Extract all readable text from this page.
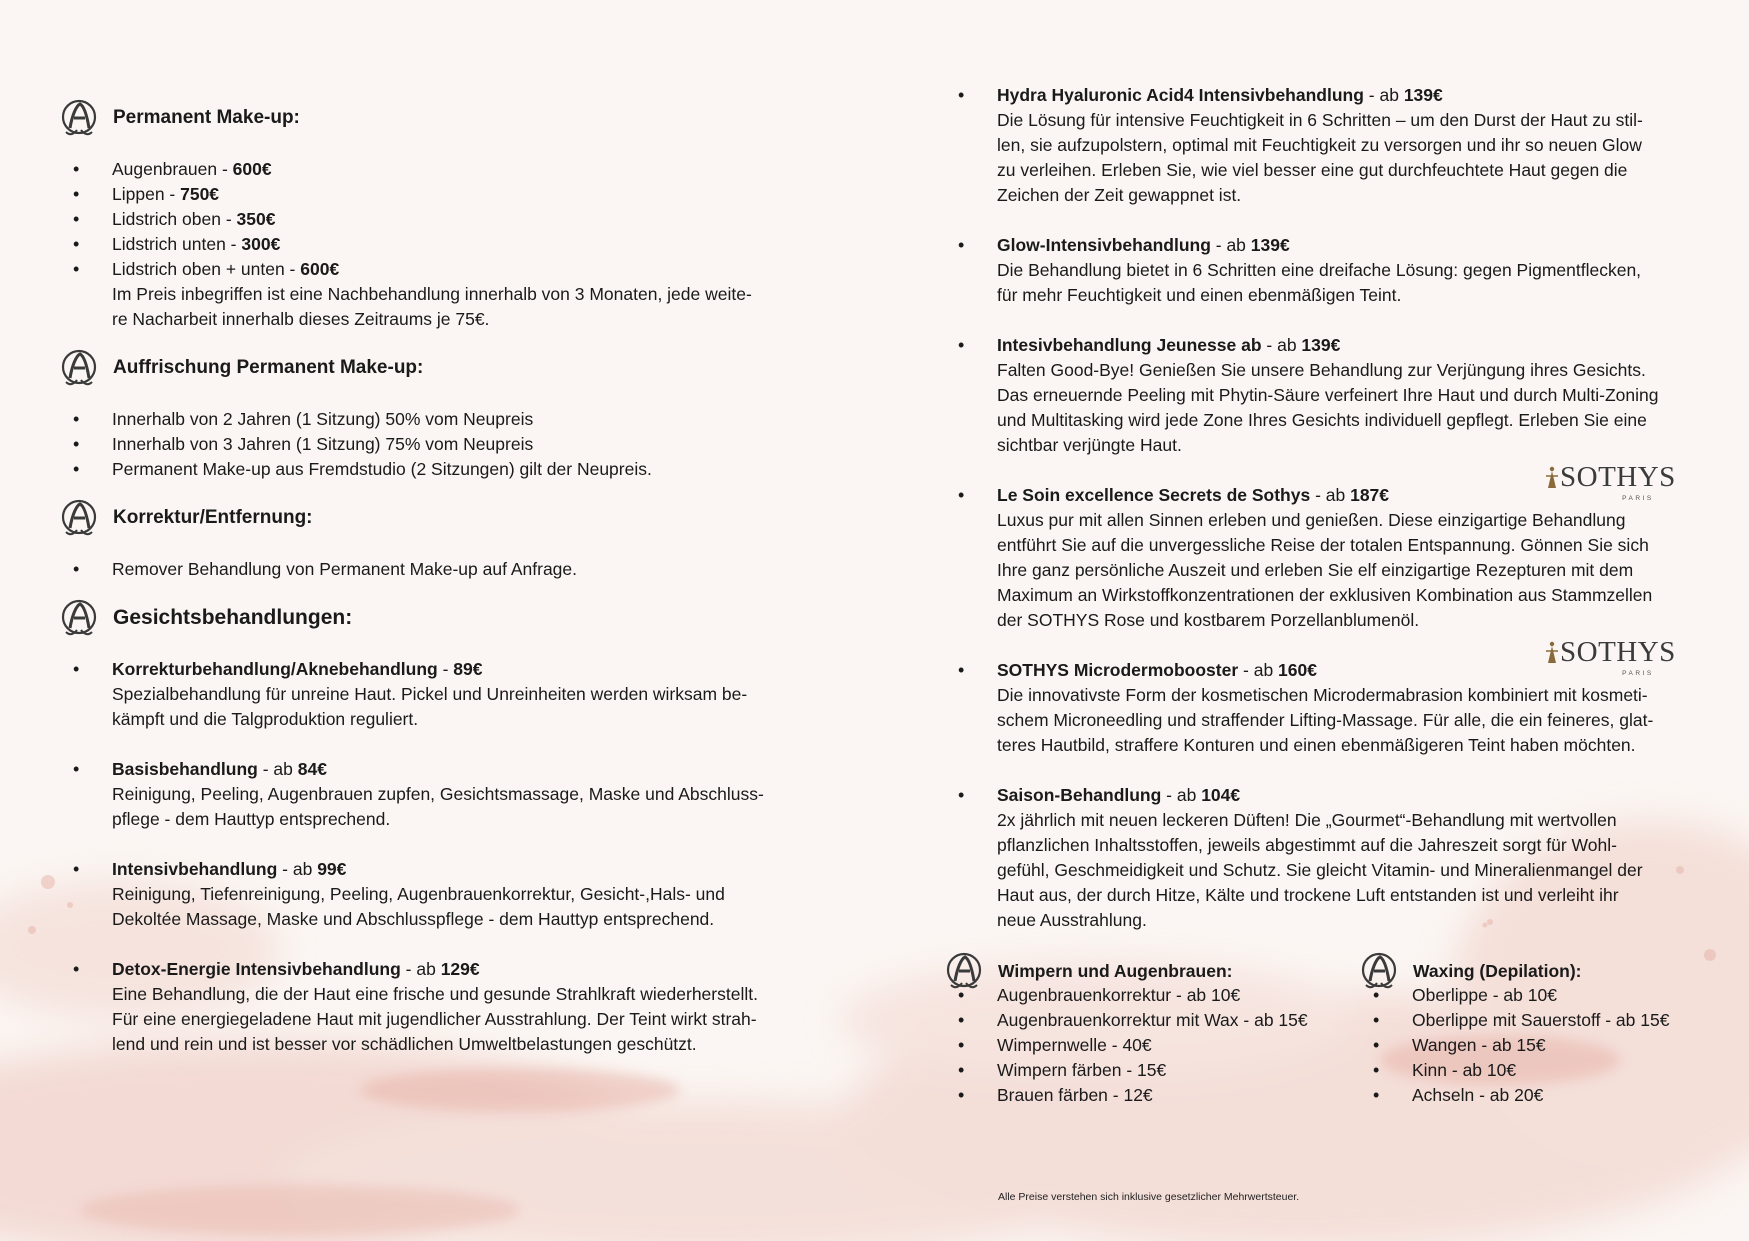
Permanent Make-up:
• Augenbrauen - 600€
• Lippen - 750€
• Lidstrich oben - 350€
• Lidstrich unten - 300€
• Lidstrich oben + unten - 600€
Im Preis inbegriffen ist eine Nachbehandlung innerhalb von 3 Monaten, jede weite-
re Nacharbeit innerhalb dieses Zeitraums je 75€.
Auffrischung Permanent Make-up:
• Innerhalb von 2 Jahren (1 Sitzung) 50% vom Neupreis
• Innerhalb von 3 Jahren (1 Sitzung) 75% vom Neupreis
• Permanent Make-up aus Fremdstudio (2 Sitzungen) gilt der Neupreis.
Korrektur/Entfernung:
• Remover Behandlung von Permanent Make-up auf Anfrage.
Gesichtsbehandlungen:
• Korrekturbehandlung/Aknebehandlung - 89€
Spezialbehandlung für unreine Haut. Pickel und Unreinheiten werden wirksam be-
kämpft und die Talgproduktion reguliert.
• Basisbehandlung - ab 84€
Reinigung, Peeling, Augenbrauen zupfen, Gesichtsmassage, Maske und Abschluss-
pflege - dem Hauttyp entsprechend.
• Intensivbehandlung - ab 99€
Reinigung, Tiefenreinigung, Peeling, Augenbrauenkorrektur, Gesicht-,Hals- und
Dekoltée Massage, Maske und Abschlusspflege - dem Hauttyp entsprechend.
• Detox-Energie Intensivbehandlung - ab 129€
Eine Behandlung, die der Haut eine frische und gesunde Strahlkraft wiederherstellt.
Für eine energiegeladene Haut mit jugendlicher Ausstrahlung. Der Teint wirkt strah-
lend und rein und ist besser vor schädlichen Umweltbelastungen geschützt.
• Hydra Hyaluronic Acid4 Intensivbehandlung - ab 139€
Die Lösung für intensive Feuchtigkeit in 6 Schritten – um den Durst der Haut zu stil-
len, sie aufzupolstern, optimal mit Feuchtigkeit zu versorgen und ihr so neuen Glow
zu verleihen. Erleben Sie, wie viel besser eine gut durchfeuchtete Haut gegen die
Zeichen der Zeit gewappnet ist.
• Glow-Intensivbehandlung - ab 139€
Die Behandlung bietet in 6 Schritten eine dreifache Lösung: gegen Pigmentflecken,
für mehr Feuchtigkeit und einen ebenmäßigen Teint.
• Intesivbehandlung Jeunesse ab - ab 139€
Falten Good-Bye! Genießen Sie unsere Behandlung zur Verjüngung ihres Gesichts.
Das erneuernde Peeling mit Phytin-Säure verfeinert Ihre Haut und durch Multi-Zoning
und Multitasking wird jede Zone Ihres Gesichts individuell gepflegt. Erleben Sie eine
sichtbar verjüngte Haut.
SOTHYS
PARIS
• Le Soin excellence Secrets de Sothys - ab 187€
Luxus pur mit allen Sinnen erleben und genießen. Diese einzigartige Behandlung
entführt Sie auf die unvergessliche Reise der totalen Entspannung. Gönnen Sie sich
Ihre ganz persönliche Auszeit und erleben Sie elf einzigartige Rezepturen mit dem
Maximum an Wirkstoffkonzentrationen der exklusiven Kombination aus Stammzellen
der SOTHYS Rose und kostbarem Porzellanblumenöl.
SOTHYS
PARIS
• SOTHYS Microdermobooster - ab 160€
Die innovativste Form der kosmetischen Microdermabrasion kombiniert mit kosmeti-
schem Microneedling und straffender Lifting-Massage. Für alle, die ein feineres, glat-
teres Hautbild, straffere Konturen und einen ebenmäßigeren Teint haben möchten.
• Saison-Behandlung - ab 104€
2x jährlich mit neuen leckeren Düften! Die „Gourmet“-Behandlung mit wertvollen
pflanzlichen Inhaltsstoffen, jeweils abgestimmt auf die Jahreszeit sorgt für Wohl-
gefühl, Geschmeidigkeit und Schutz. Sie gleicht Vitamin- und Mineralienmangel der
Haut aus, der durch Hitze, Kälte und trockene Luft entstanden ist und verleiht ihr
neue Ausstrahlung.
Wimpern und Augenbrauen:
• Augenbrauenkorrektur - ab 10€
• Augenbrauenkorrektur mit Wax - ab 15€
• Wimpernwelle - 40€
• Wimpern färben - 15€
• Brauen färben - 12€
Waxing (Depilation):
• Oberlippe - ab 10€
• Oberlippe mit Sauerstoff - ab 15€
• Wangen - ab 15€
• Kinn - ab 10€
• Achseln - ab 20€
Alle Preise verstehen sich inklusive gesetzlicher Mehrwertsteuer.
